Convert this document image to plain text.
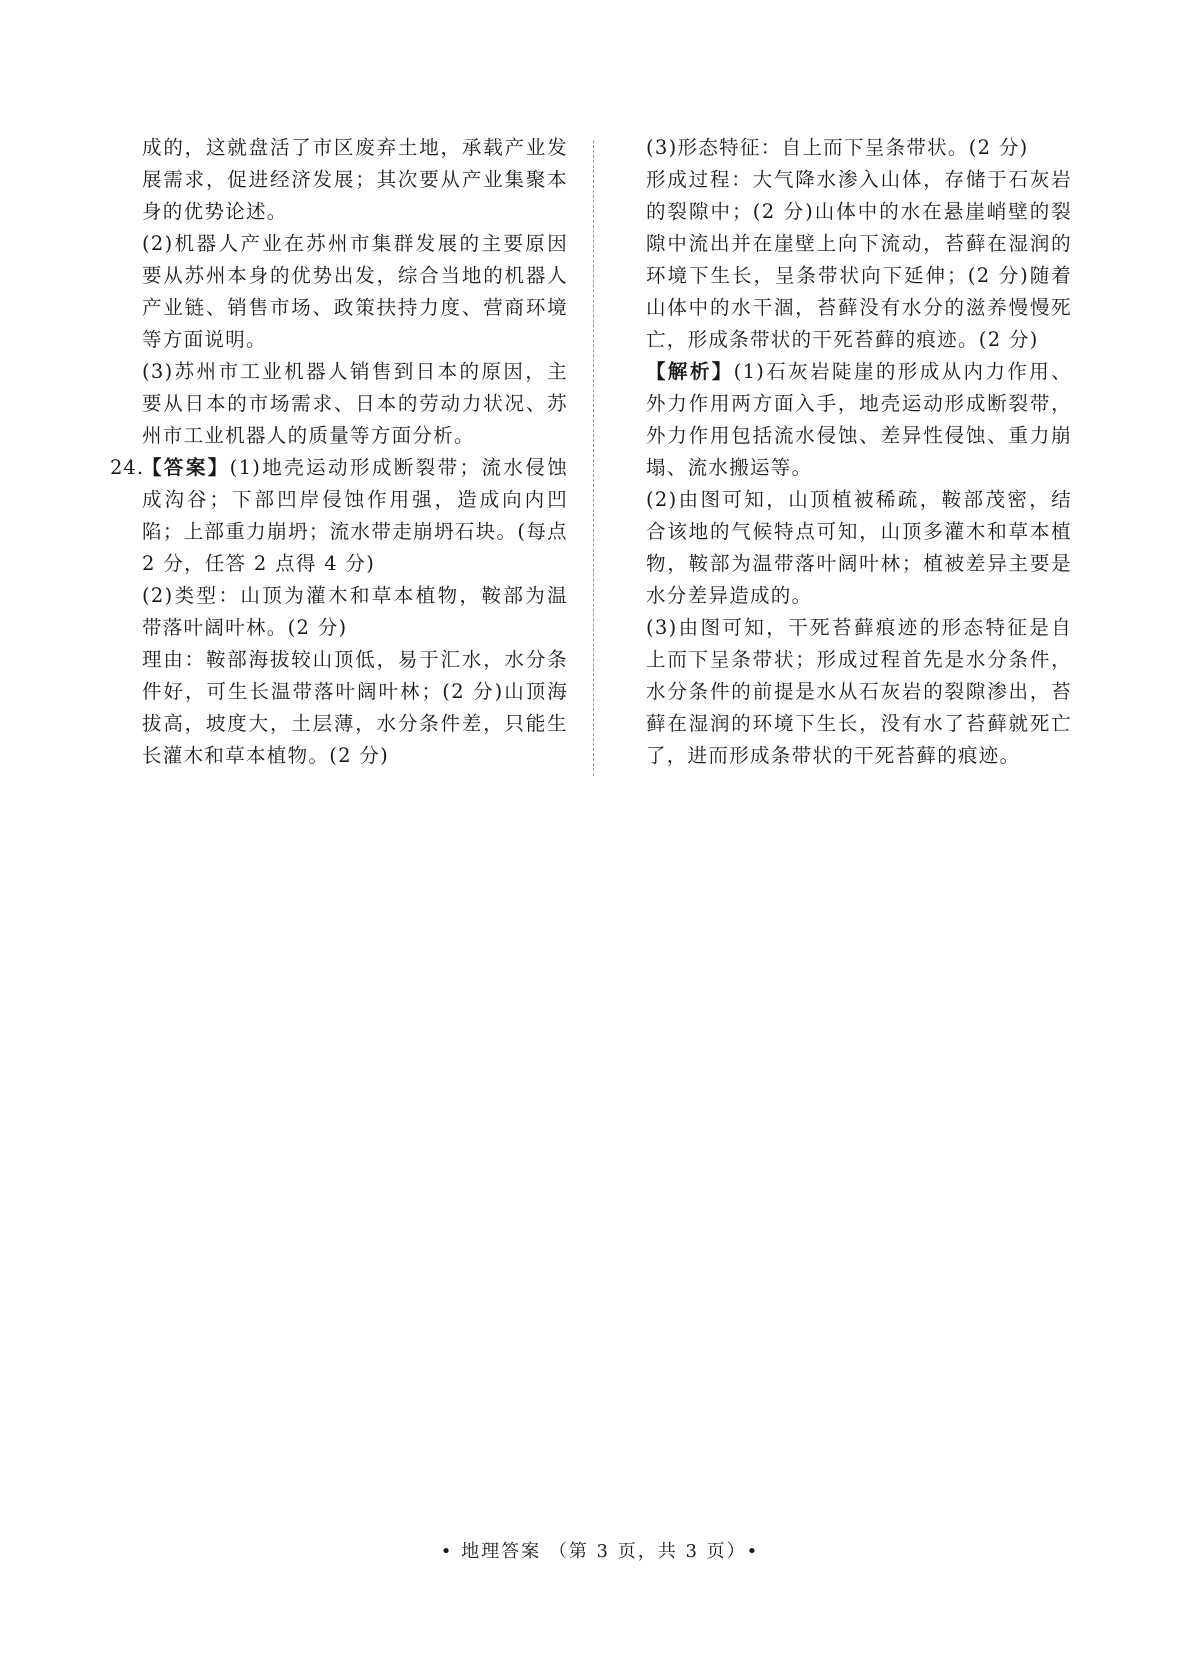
成的，这就盘活了市区废弃土地，承载产业发展需求，促进经济发展；其次要从产业集聚本身的优势论述。

(2)机器人产业在苏州市集群发展的主要原因要从苏州本身的优势出发，综合当地的机器人产业链、销售市场、政策扶持力度、营商环境等方面说明。

(3)苏州市工业机器人销售到日本的原因，主要从日本的市场需求、日本的劳动力状况、苏州市工业机器人的质量等方面分析。

【答案】(1)地壳运动形成断裂带；流水侵蚀成沟谷；下部凹岸侵蚀作用强，造成向内凹陷；上部重力崩坍；流水带走崩坍石块。(每点 2 分，任答 2 点得 4 分)

(2)类型：山顶为灌木和草本植物，鞍部为温带落叶阔叶林。(2 分)

理由：鞍部海拔较山顶低，易于汇水，水分条件好，可生长温带落叶阔叶林；(2 分)山顶海拔高，坡度大，土层薄，水分条件差，只能生长灌木和草本植物。(2 分)

24.

(3)形态特征：自上而下呈条带状。(2 分)

形成过程：大气降水渗入山体，存储于石灰岩的裂隙中；(2 分)山体中的水在悬崖峭壁的裂隙中流出并在崖壁上向下流动，苔藓在湿润的环境下生长，呈条带状向下延伸；(2 分)随着山体中的水干涸，苔藓没有水分的滋养慢慢死亡，形成条带状的干死苔藓的痕迹。(2 分)

【解析】(1)石灰岩陡崖的形成从内力作用、外力作用两方面入手，地壳运动形成断裂带，外力作用包括流水侵蚀、差异性侵蚀、重力崩塌、流水搬运等。

(2)由图可知，山顶植被稀疏，鞍部茂密，结合该地的气候特点可知，山顶多灌木和草本植物，鞍部为温带落叶阔叶林；植被差异主要是水分差异造成的。

(3)由图可知，干死苔藓痕迹的形态特征是自上而下呈条带状；形成过程首先是水分条件，水分条件的前提是水从石灰岩的裂隙渗出，苔藓在湿润的环境下生长，没有水了苔藓就死亡了，进而形成条带状的干死苔藓的痕迹。

• 地理答案 （第 3 页，共 3 页）•
